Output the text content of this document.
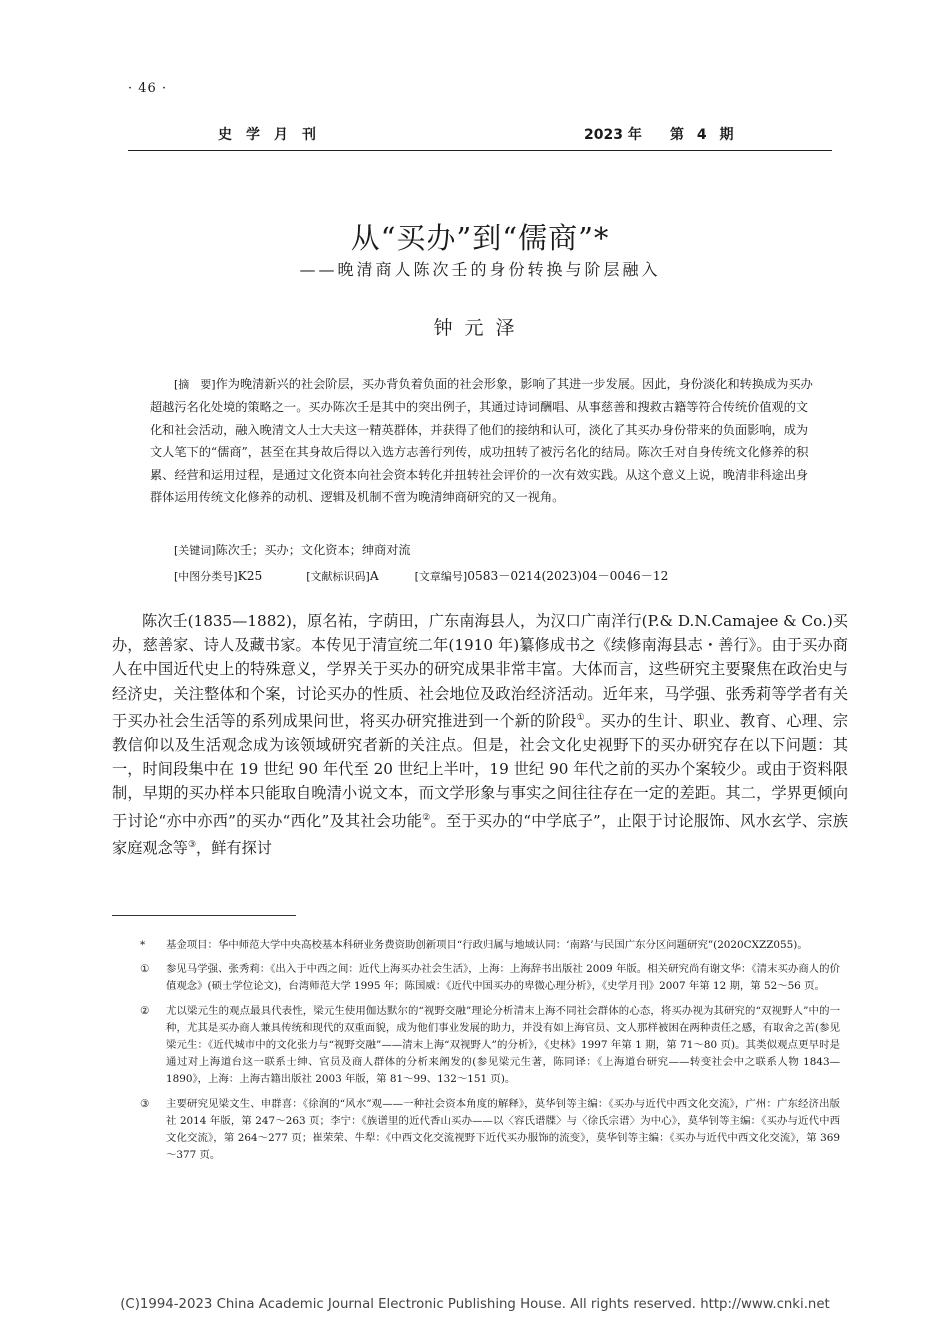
· 46 ·
史学月刊	2023 年 第 4 期
从“买办”到“儒商”*
——晚清商人陈次壬的身份转换与阶层融入
钟元泽

[摘　要]作为晚清新兴的社会阶层，买办背负着负面的社会形象，影响了其进一步发展。因此，身份淡化和转换成为买办超越污名化处境的策略之一。买办陈次壬是其中的突出例子，其通过诗词酬唱、从事慈善和搜救古籍等符合传统价值观的文化和社会活动，融入晚清文人士大夫这一精英群体，并获得了他们的接纳和认可，淡化了其买办身份带来的负面影响，成为文人笔下的“儒商”，甚至在其身故后得以入选方志善行列传，成功扭转了被污名化的结局。陈次壬对自身传统文化修养的积累、经营和运用过程，是通过文化资本向社会资本转化并扭转社会评价的一次有效实践。从这个意义上说，晚清非科途出身群体运用传统文化修养的动机、逻辑及机制不啻为晚清绅商研究的又一视角。

[关键词]陈次壬；买办；文化资本；绅商对流
[中图分类号]K25	[文献标识码]A	[文章编号]0583－0214(2023)04－0046－12

陈次壬(1835—1882)，原名祐，字荫田，广东南海县人，为汉口广南洋行(P.& D.N.Camajee & Co.)买办，慈善家、诗人及藏书家。本传见于清宣统二年(1910 年)纂修成书之《续修南海县志・善行》。由于买办商人在中国近代史上的特殊意义，学界关于买办的研究成果非常丰富。大体而言，这些研究主要聚焦在政治史与经济史，关注整体和个案，讨论买办的性质、社会地位及政治经济活动。近年来，马学强、张秀莉等学者有关于买办社会生活等的系列成果问世，将买办研究推进到一个新的阶段①。买办的生计、职业、教育、心理、宗教信仰以及生活观念成为该领域研究者新的关注点。但是，社会文化史视野下的买办研究存在以下问题：其一，时间段集中在 19 世纪 90 年代至 20 世纪上半叶，19 世纪 90 年代之前的买办个案较少。或由于资料限制，早期的买办样本只能取自晚清小说文本，而文学形象与事实之间往往存在一定的差距。其二，学界更倾向于讨论“亦中亦西”的买办“西化”及其社会功能②。至于买办的“中学底子”，止限于讨论服饰、风水玄学、宗族家庭观念等③，鲜有探讨

* 基金项目：华中师范大学中央高校基本科研业务费资助创新项目“行政归属与地域认同：‘南路’与民国广东分区问题研究”(2020CXZZ055)。
① 参见马学强、张秀莉：《出入于中西之间：近代上海买办社会生活》，上海：上海辞书出版社 2009 年版。相关研究尚有谢文华：《清末买办商人的价值观念》(硕士学位论文)，台湾师范大学 1995 年；陈国威：《近代中国买办的卑微心理分析》，《史学月刊》2007 年第 12 期，第 52～56 页。
② 尤以梁元生的观点最具代表性，梁元生使用伽达默尔的“视野交融”理论分析清末上海不同社会群体的心态，将买办视为其研究的“双视野人”中的一种，尤其是买办商人兼具传统和现代的双重面貌，成为他们事业发展的助力，并没有如上海官员、文人那样被困在两种责任之感，有取舍之苦(参见梁元生：《近代城市中的文化张力与“视野交融”——清末上海“双视野人”的分析》，《史林》1997 年第 1 期，第 71～80 页)。其类似观点更早时是通过对上海道台这一联系士绅、官员及商人群体的分析来阐发的(参见梁元生著，陈同译：《上海道台研究——转变社会中之联系人物 1843—1890》，上海：上海古籍出版社 2003 年版，第 81～99、132～151 页)。
③ 主要研究见梁文生、申群喜：《徐润的“风水”观——一种社会资本角度的解释》，莫华钊等主编：《买办与近代中西文化交流》，广州：广东经济出版社 2014 年版，第 247～263 页；李宁：《族谱里的近代香山买办——以〈容氏谱牒〉与〈徐氏宗谱〉为中心》，莫华钊等主编：《买办与近代中西文化交流》，第 264～277 页；崔荣荣、牛犁：《中西文化交流视野下近代买办服饰的流变》，莫华钊等主编：《买办与近代中西文化交流》，第 369～377 页。
(C)1994-2023 China Academic Journal Electronic Publishing House. All rights reserved. http://www.cnki.net
